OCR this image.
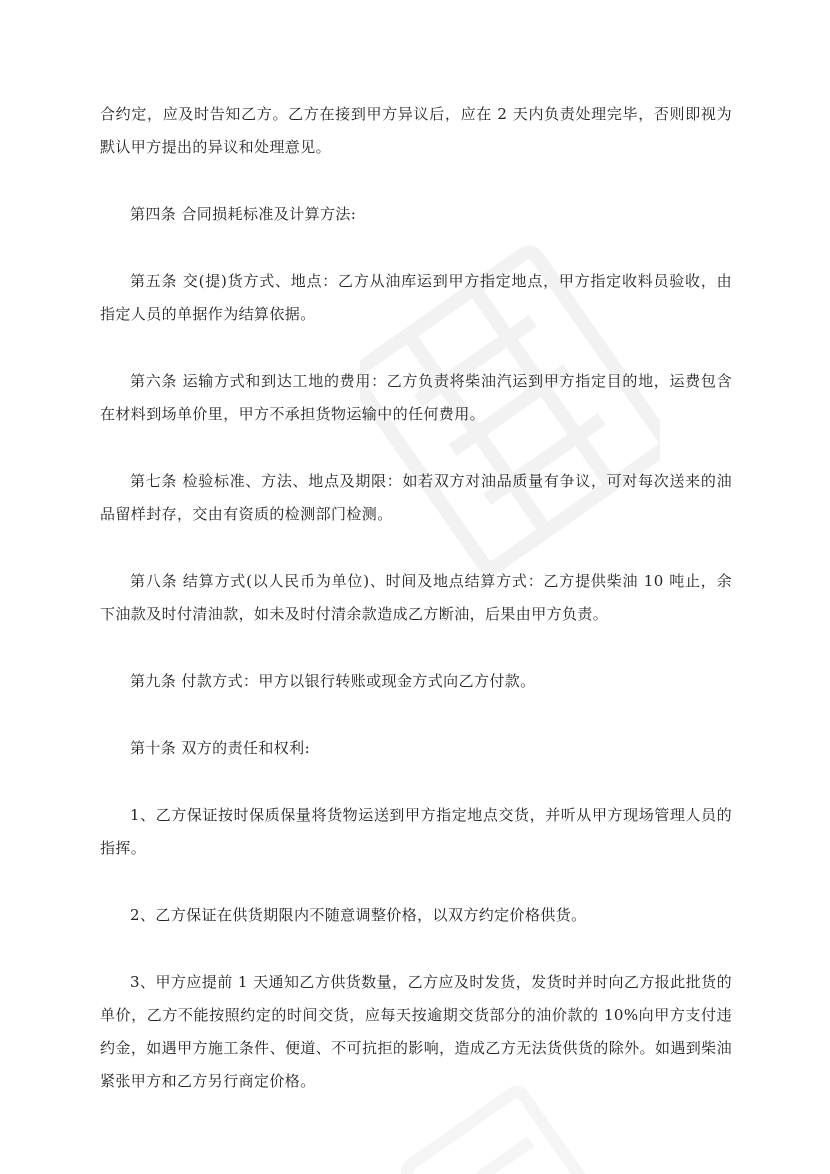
合约定，应及时告知乙方。乙方在接到甲方异议后，应在 2 天内负责处理完毕，否则即视为默认甲方提出的异议和处理意见。

第四条 合同损耗标准及计算方法:

第五条 交(提)货方式、地点：乙方从油库运到甲方指定地点，甲方指定收料员验收，由指定人员的单据作为结算依据。

第六条 运输方式和到达工地的费用：乙方负责将柴油汽运到甲方指定目的地，运费包含在材料到场单价里，甲方不承担货物运输中的任何费用。

第七条 检验标准、方法、地点及期限：如若双方对油品质量有争议，可对每次送来的油品留样封存，交由有资质的检测部门检测。

第八条 结算方式(以人民币为单位)、时间及地点结算方式：乙方提供柴油 10 吨止，余下油款及时付清油款，如未及时付清余款造成乙方断油，后果由甲方负责。

第九条 付款方式：甲方以银行转账或现金方式向乙方付款。

第十条 双方的责任和权利:

1、乙方保证按时保质保量将货物运送到甲方指定地点交货，并听从甲方现场管理人员的指挥。

2、乙方保证在供货期限内不随意调整价格，以双方约定价格供货。

3、甲方应提前 1 天通知乙方供货数量，乙方应及时发货，发货时并时向乙方报此批货的单价，乙方不能按照约定的时间交货，应每天按逾期交货部分的油价款的 10%向甲方支付违约金，如遇甲方施工条件、便道、不可抗拒的影响，造成乙方无法货供货的除外。如遇到柴油紧张甲方和乙方另行商定价格。
